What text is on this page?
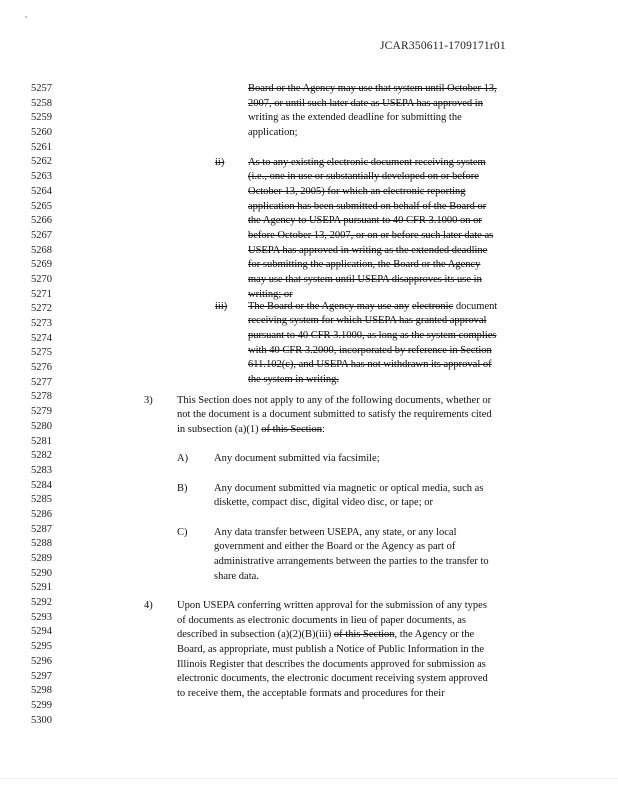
JCAR350611-1709171r01
5257
5258
5259
5260
5261
5262
5263
5264
5265
5266
5267
5268
5269
5270
5271
5272
5273
5274
5275
5276
5277
5278
5279
5280
5281
5282
5283
5284
5285
5286
5287
5288
5289
5290
5291
5292
5293
5294
5295
5296
5297
5298
5299
5300
Board or the Agency may use that system until October 13,
2007, or until such later date as USEPA has approved in
writing as the extended deadline for submitting the
application;
ii) As to any existing electronic document receiving system
(i.e., one in use or substantially developed on or before
October 13, 2005) for which an electronic reporting
application has been submitted on behalf of the Board or
the Agency to USEPA pursuant to 40 CFR 3.1000 on or
before October 13, 2007, or on or before such later date as
USEPA has approved in writing as the extended deadline
for submitting the application, the Board or the Agency
may use that system until USEPA disapproves its use in
writing; or
iii) The Board or the Agency may use any electronic document
receiving system for which USEPA has granted approval
pursuant to 40 CFR 3.1000, as long as the system complies
with 40 CFR 3.2000, incorporated by reference in Section
611.102(c), and USEPA has not withdrawn its approval of
the system in writing.
3) This Section does not apply to any of the following documents, whether or
not the document is a document submitted to satisfy the requirements cited
in subsection (a)(1) of this Section:
A) Any document submitted via facsimile;
B)	Any document submitted via magnetic or optical media, such as
diskette, compact disc, digital video disc, or tape; or
C)	Any data transfer between USEPA, any state, or any local
government and either the Board or the Agency as part of
administrative arrangements between the parties to the transfer to
share data.
4) Upon USEPA conferring written approval for the submission of any types
of documents as electronic documents in lieu of paper documents, as
described in subsection (a)(2)(B)(iii) of this Section, the Agency or the
Board, as appropriate, must publish a Notice of Public Information in the
Illinois Register that describes the documents approved for submission as
electronic documents, the electronic document receiving system approved
to receive them, the acceptable formats and procedures for their
